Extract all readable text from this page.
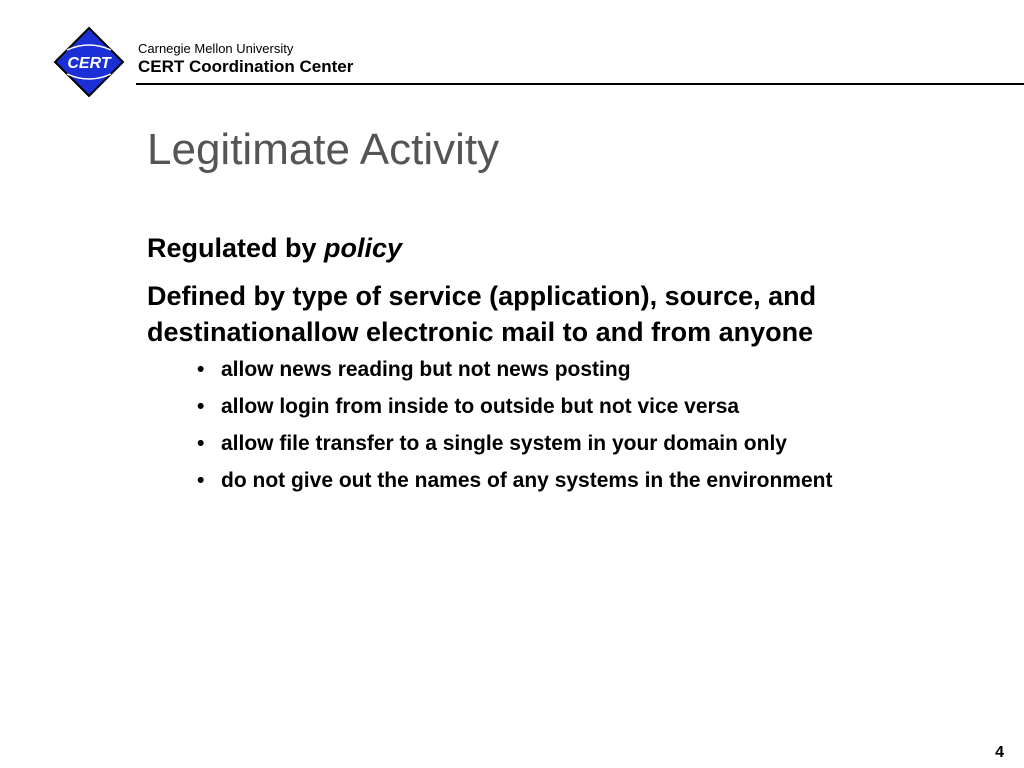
CERT
Carnegie Mellon University
CERT Coordination Center
Legitimate Activity

Regulated by policy

Defined by type of service (application), source, and destinationallow electronic mail to and from anyone

• allow news reading but not news posting
• allow login from inside to outside but not vice versa
• allow file transfer to a single system in your domain only
• do not give out the names of any systems in the environment
4
